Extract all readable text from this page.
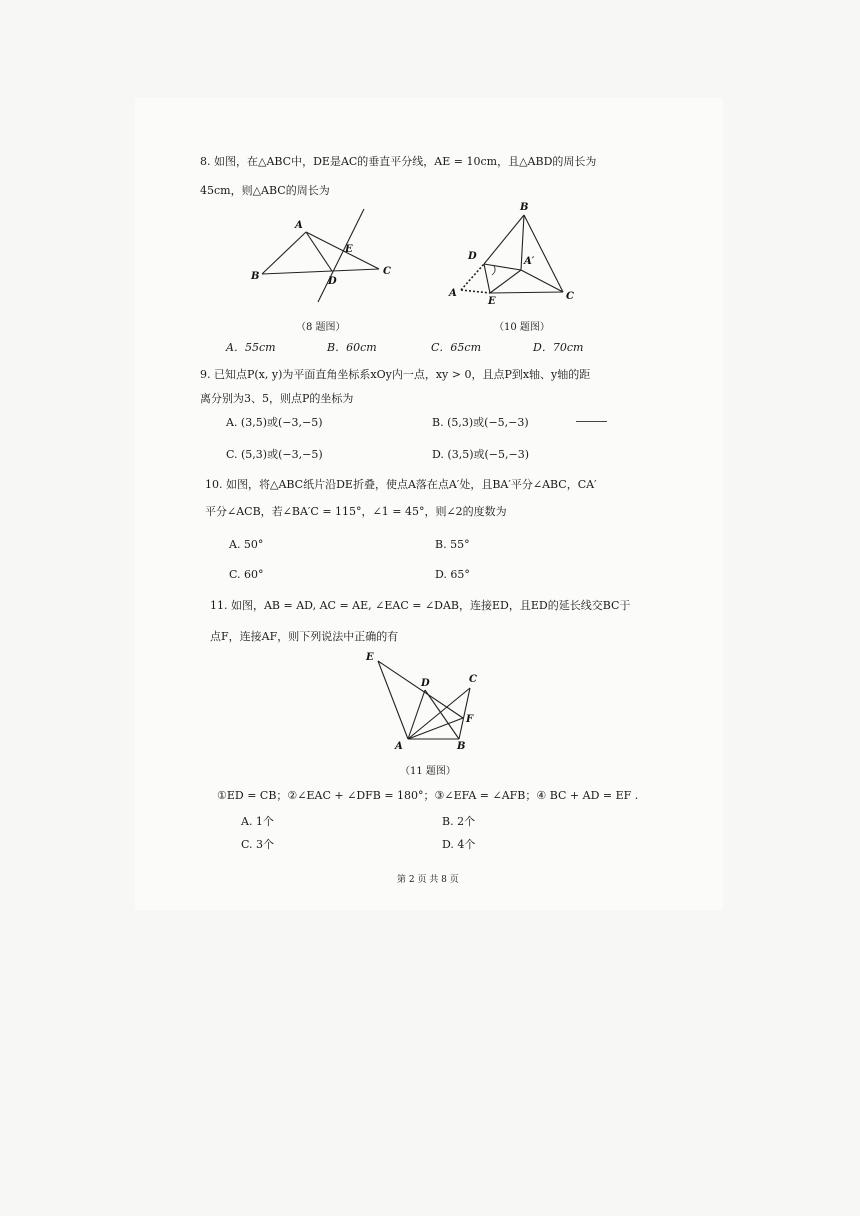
8. 如图，在△ABC中，DE是AC的垂直平分线，AE = 10cm，且△ABD的周长为
45cm，则△ABC的周长为
A
B	C
D
E
（8 题图）
B
D	A′
A
E	C
（10 题图）
A．55cm	B．60cm	C．65cm	D．70cm
9. 已知点P(x, y)为平面直角坐标系xOy内一点，xy > 0，且点P到x轴、y轴的距
离分别为3、5，则点P的坐标为
A. (3,5)或(−3,−5)	B. (5,3)或(−5,−3)
C. (5,3)或(−3,−5)	D. (3,5)或(−5,−3)
10. 如图，将△ABC纸片沿DE折叠，使点A落在点A′处，且BA′平分∠ABC，CA′
平分∠ACB，若∠BA′C = 115°，∠1 = 45°，则∠2的度数为
A. 50°	B. 55°
C. 60°	D. 65°
11. 如图，AB = AD, AC = AE, ∠EAC = ∠DAB，连接ED，且ED的延长线交BC于
点F，连接AF，则下列说法中正确的有
E
D	C
F
A	B
（11 题图）
①ED = CB；②∠EAC + ∠DFB = 180°；③∠EFA = ∠AFB；④ BC + AD = EF .
A. 1个	B. 2个
C. 3个	D. 4个
第 2 页 共 8 页
